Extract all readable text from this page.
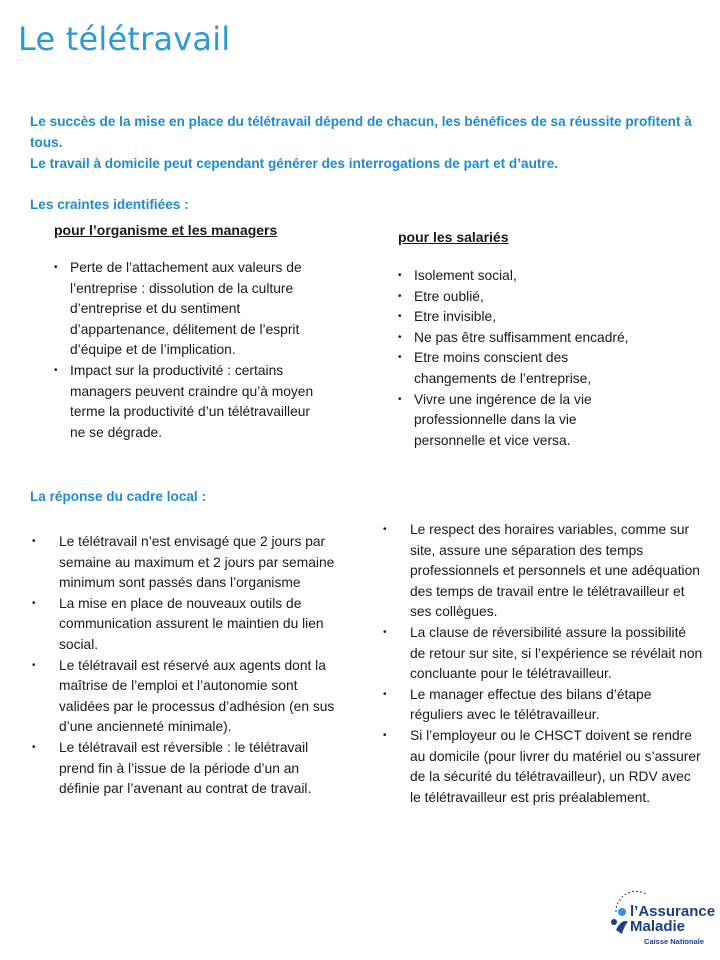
Le télétravail
Le succès de la mise en place du télétravail dépend de chacun, les bénéfices de sa réussite profitent à tous.
Le travail à domicile peut cependant générer des interrogations de part et d’autre.
Les craintes identifiées :
pour l’organisme et les managers
• Perte de l’attachement aux valeurs de l’entreprise : dissolution de la culture d’entreprise et du sentiment d’appartenance, délitement de l’esprit d’équipe et de l’implication.
• Impact sur la productivité : certains managers peuvent craindre qu’à moyen terme la productivité d’un télétravailleur ne se dégrade.
pour les salariés
• Isolement social,
• Etre oublié,
• Etre invisible,
• Ne pas être suffisamment encadré,
• Etre moins conscient des changements de l’entreprise,
• Vivre une ingérence de la vie professionnelle dans la vie personnelle et vice versa.
La réponse du cadre local :
• Le télétravail n’est envisagé que 2 jours par semaine au maximum et 2 jours par semaine minimum sont passés dans l’organisme
• La mise en place de nouveaux outils de communication assurent le maintien du lien social.
• Le télétravail est réservé aux agents dont la maîtrise de l’emploi et l’autonomie sont validées par le processus d’adhésion (en sus d’une ancienneté minimale).
• Le télétravail est réversible : le télétravail prend fin à l’issue de la période d’un an définie par l’avenant au contrat de travail.
• Le respect des horaires variables, comme sur site, assure une séparation des temps professionnels et personnels et une adéquation des temps de travail entre le télétravailleur et ses collègues.
• La clause de réversibilité assure la possibilité de retour sur site, si l’expérience se révélait non concluante pour le télétravailleur.
• Le manager effectue des bilans d’étape réguliers avec le télétravailleur.
• Si l’employeur ou le CHSCT doivent se rendre au domicile (pour livrer du matériel ou s’assurer de la sécurité du télétravailleur), un RDV avec le télétravailleur est pris préalablement.
l’Assurance
Maladie
Caisse Nationale
